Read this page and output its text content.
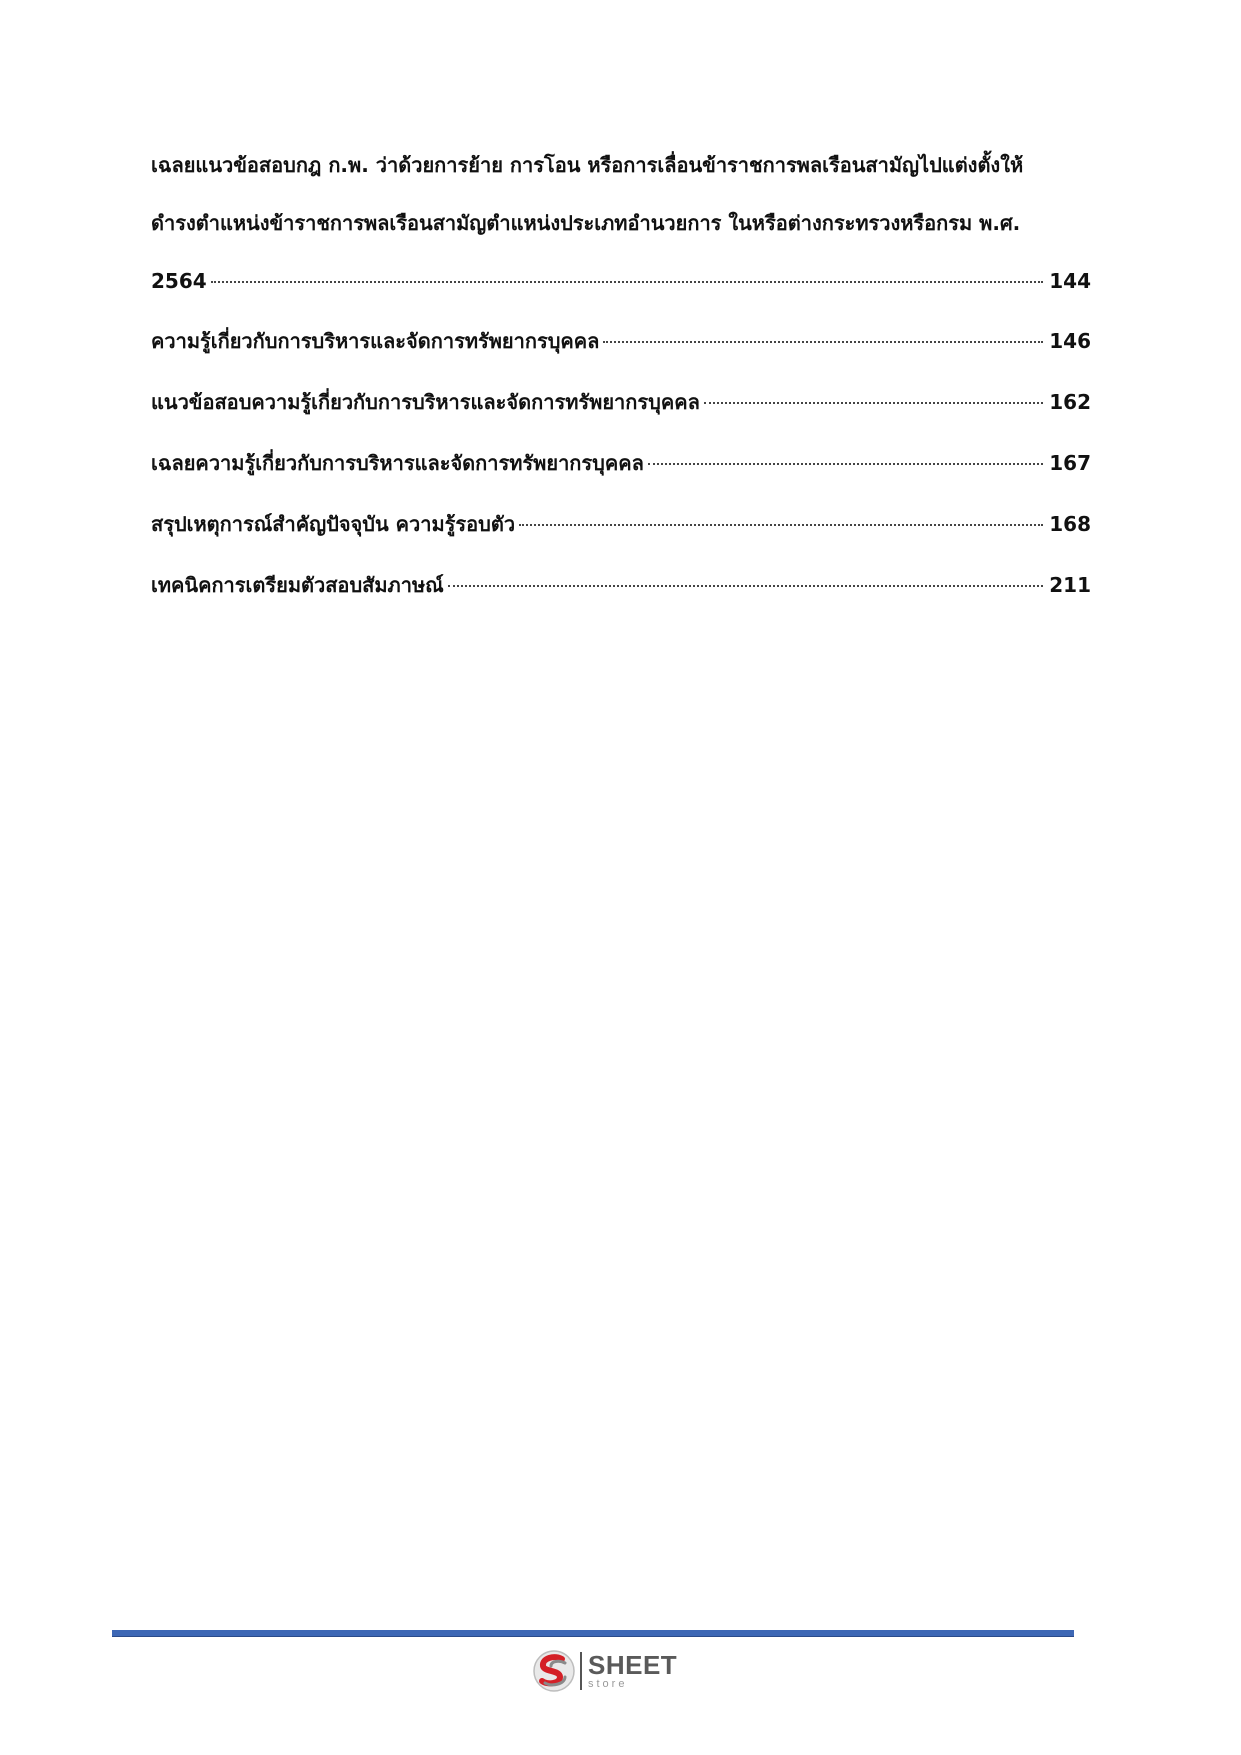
เฉลยแนวข้อสอบกฎ ก.พ. ว่าด้วยการย้าย การโอน หรือการเลื่อนข้าราชการพลเรือนสามัญไปแต่งตั้งให้
ดำรงตำแหน่งข้าราชการพลเรือนสามัญตำแหน่งประเภทอำนวยการ ในหรือต่างกระทรวงหรือกรม พ.ศ.
2564	144
ความรู้เกี่ยวกับการบริหารและจัดการทรัพยากรบุคคล	146
แนวข้อสอบความรู้เกี่ยวกับการบริหารและจัดการทรัพยากรบุคคล	162
เฉลยความรู้เกี่ยวกับการบริหารและจัดการทรัพยากรบุคคล	167
สรุปเหตุการณ์สำคัญปัจจุบัน ความรู้รอบตัว	168
เทคนิคการเตรียมตัวสอบสัมภาษณ์	211
SHEET
store
